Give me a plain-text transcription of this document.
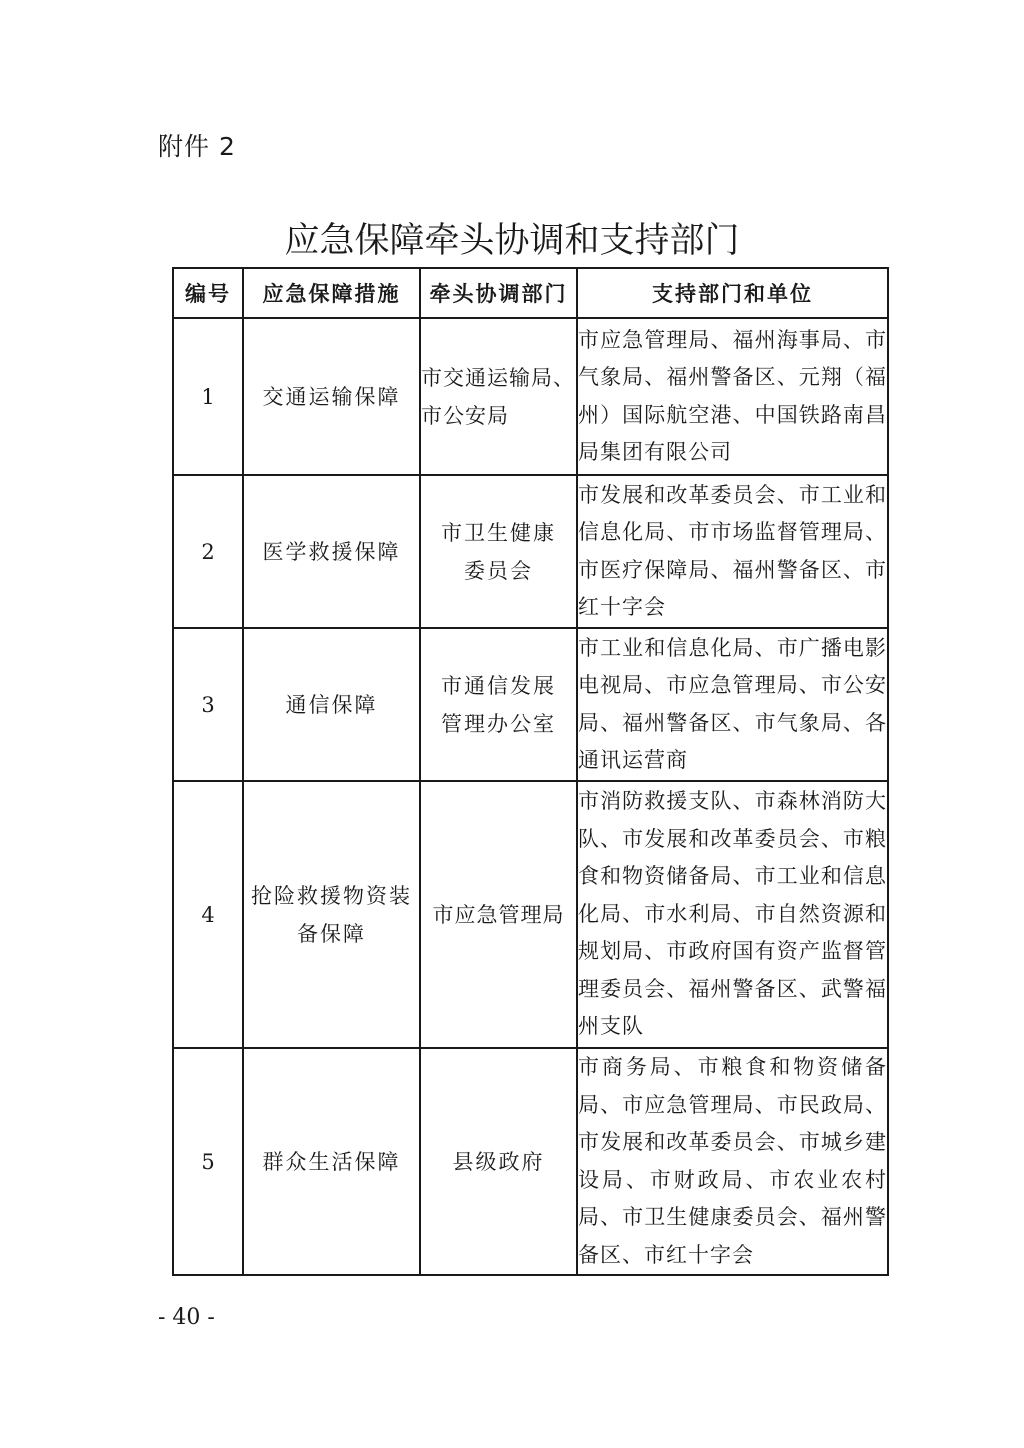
附件 2
应急保障牵头协调和支持部门
编号	应急保障措施	牵头协调部门	支持部门和单位
1	交通运输保障	市交通运输局、市公安局	市应急管理局、福州海事局、市气象局、福州警备区、元翔（福州）国际航空港、中国铁路南昌局集团有限公司
2	医学救援保障	市卫生健康委员会	市发展和改革委员会、市工业和信息化局、市市场监督管理局、市医疗保障局、福州警备区、市红十字会
3	通信保障	市通信发展管理办公室	市工业和信息化局、市广播电影电视局、市应急管理局、市公安局、福州警备区、市气象局、各通讯运营商
4	抢险救援物资装备保障	市应急管理局	市消防救援支队、市森林消防大队、市发展和改革委员会、市粮食和物资储备局、市工业和信息化局、市水利局、市自然资源和规划局、市政府国有资产监督管理委员会、福州警备区、武警福州支队
5	群众生活保障	县级政府	市商务局、市粮食和物资储备局、市应急管理局、市民政局、市发展和改革委员会、市城乡建设局、市财政局、市农业农村局、市卫生健康委员会、福州警备区、市红十字会
- 40 -
